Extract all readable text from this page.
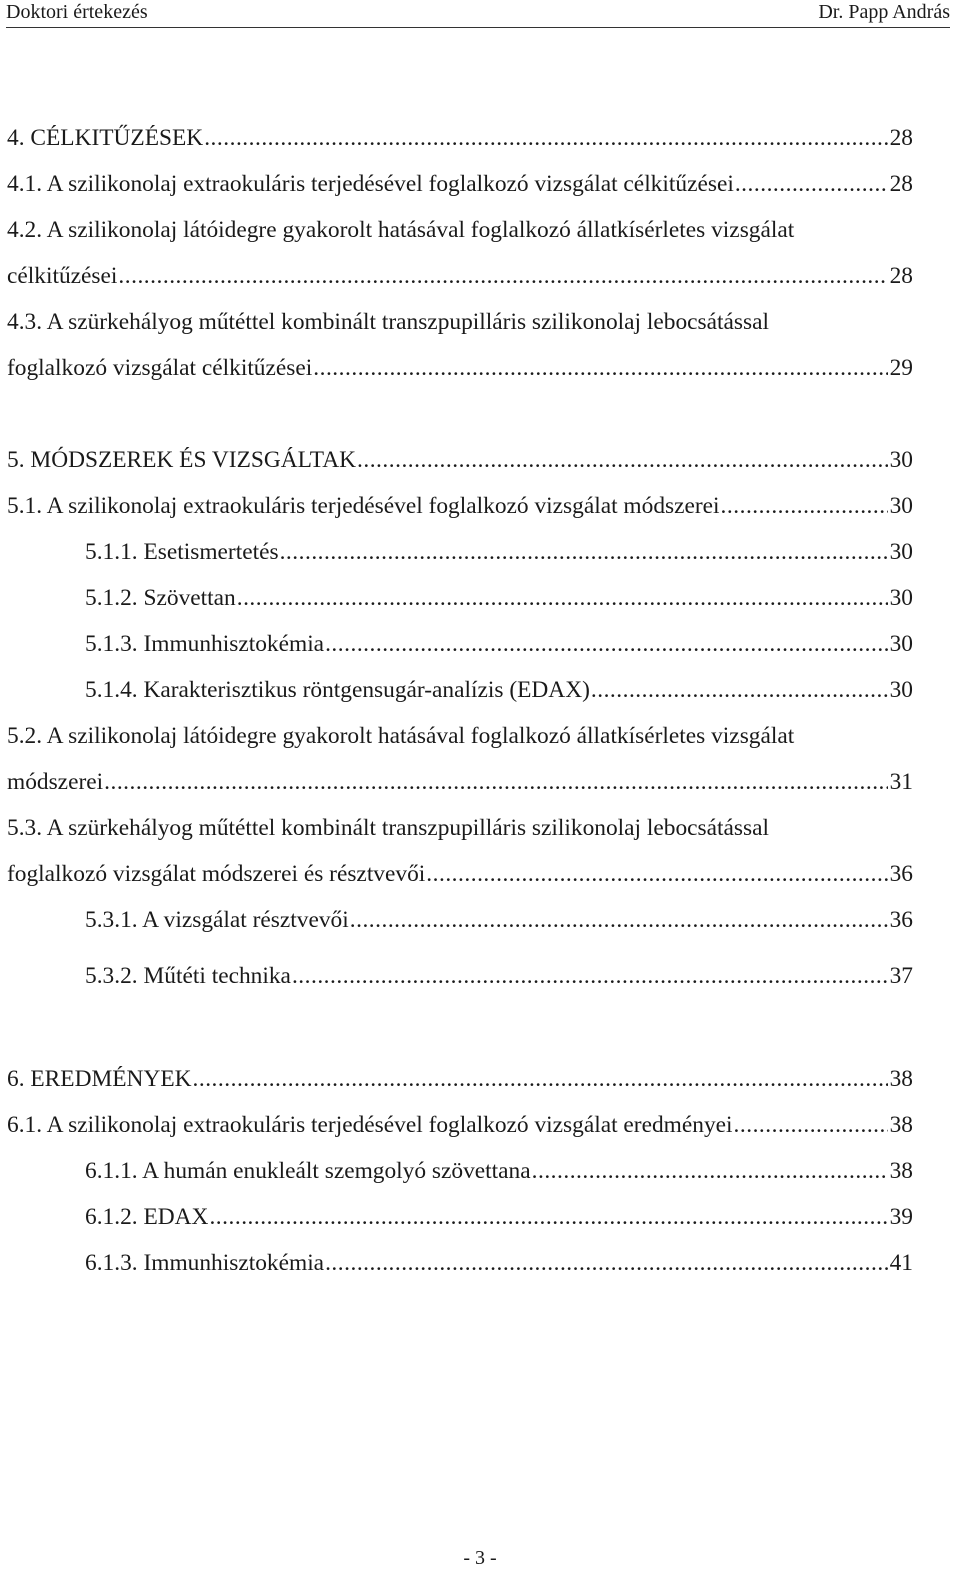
Doktori értekezés	Dr. Papp András
4. CÉLKITŰZÉSEK .....	28
4.1. A szilikonolaj extraokuláris terjedésével foglalkozó vizsgálat célkitűzései .....	28
4.2. A szilikonolaj látóidegre gyakorolt hatásával foglalkozó állatkísérletes vizsgálat
célkitűzései .....	28
4.3. A szürkehályog műtéttel kombinált transzpupilláris szilikonolaj lebocsátással
foglalkozó vizsgálat célkitűzései .....	29
5. MÓDSZEREK ÉS VIZSGÁLTAK .....	30
5.1. A szilikonolaj extraokuláris terjedésével foglalkozó vizsgálat módszerei .....	30
5.1.1. Esetismertetés .....	30
5.1.2. Szövettan .....	30
5.1.3. Immunhisztokémia .....	30
5.1.4. Karakterisztikus röntgensugár-analízis (EDAX) .....	30
5.2. A szilikonolaj látóidegre gyakorolt hatásával foglalkozó állatkísérletes vizsgálat
módszerei .....	31
5.3. A szürkehályog műtéttel kombinált transzpupilláris szilikonolaj lebocsátással
foglalkozó vizsgálat módszerei és résztvevői .....	36
5.3.1. A vizsgálat résztvevői .....	36
5.3.2. Műtéti technika .....	37
6. EREDMÉNYEK .....	38
6.1. A szilikonolaj extraokuláris terjedésével foglalkozó vizsgálat eredményei .....	38
6.1.1. A humán enukleált szemgolyó szövettana .....	38
6.1.2. EDAX .....	39
6.1.3. Immunhisztokémia .....	41
- 3 -
